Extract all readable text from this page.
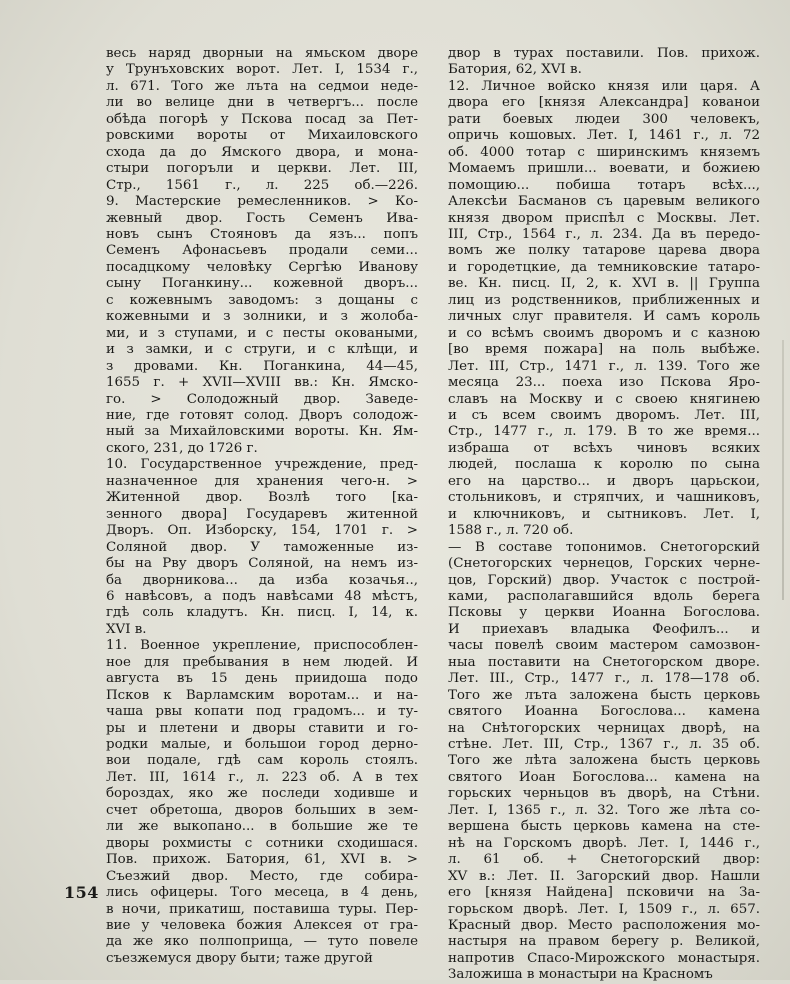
весь наряд дворныи на ямьском дворе
у Трунъховских ворот. Лет. I, 1534 г.,
л. 671. Того же лъта на седмои неде-
ли во велице дни в четвергъ... после
обѣда погорѣ у Пскова посад за Пет-
ровскими вороты от Михаиловского
схода да до Ямского двора, и мона-
стыри погоръли и церкви. Лет. III,
Стр., 1561 г., л. 225 об.—226.
9. Мастерские ремесленников. > Ко-
жевный двор. Гость Семенъ Ива-
новъ сынъ Стояновъ да язъ... попъ
Семенъ Афонасьевъ продали семи...
посадцкому человѣку Сергѣю Иванову
сыну Поганкину... кожевной дворъ...
с кожевнымъ заводомъ: з дощаны с
кожевными и з золники, и з жолоба-
ми, и з ступами, и с песты оковаными,
и з замки, и с струги, и с клѣщи, и
з дровами. Кн. Поганкина, 44—45,
1655 г. + XVII—XVIII вв.: Кн. Ямско-
го. > Солодожный двор. Заведе-
ние, где готовят солод. Дворъ солодож-
ный за Михайловскими вороты. Кн. Ям-
ского, 231, до 1726 г.
10. Государственное учреждение, пред-
назначенное для хранения чего-н. >
Житенной двор. Возлѣ того [ка-
зенного двора] Государевъ житенной
Дворъ. Оп. Изборску, 154, 1701 г. >
Соляной двор. У таможенные из-
бы на Рву дворъ Соляной, на немъ из-
ба дворникова... да изба козачья..,
6 навѣсовъ, а подъ навѣсами 48 мѣстъ,
гдѣ соль кладутъ. Кн. писц. I, 14, к.
XVI в.
11. Военное укрепление, приспособлен-
ное для пребывания в нем людей. И
августа въ 15 день приидоша подо
Псков к Варламским воротам... и на-
чаша рвы копати под градомъ... и ту-
ры и плетени и дворы ставити и го-
родки малые, и большои город дерно-
вои подале, гдѣ сам король стоялъ.
Лет. III, 1614 г., л. 223 об. А в тех
бороздах, яко же последи ходивше и
счет обретоша, дворов больших в зем-
ли же выкопано... в большие же те
дворы рохмисты с сотники сходишася.
Пов. прихож. Батория, 61, XVI в. >
Съезжий двор. Место, где собира-
лись офицеры. Того месеца, в 4 день,
в ночи, прикатиш, поставиша туры. Пер-
вие у человека божия Алексея от гра-
да же яко полпоприща, — туто повеле
съезжемуся двору быти; таже другой
двор в турах поставили. Пов. прихож.
Батория, 62, XVI в.
12. Личное войско князя или царя. А
двора его [князя Александра] кованои
рати боевых людеи 300 человекъ,
опричь кошовых. Лет. I, 1461 г., л. 72
об. 4000 тотар с ширинскимъ княземъ
Момаемъ пришли... воевати, и божиею
помощию... побиша тотаръ всѣх...,
Алексѣи Басманов съ царевым великого
князя двором приспѣл с Москвы. Лет.
III, Стр., 1564 г., л. 234. Да въ передо-
вомъ же полку татарове царева двора
и городетцкие, да темниковские татаро-
ве. Кн. писц. II, 2, к. XVI в. || Группа
лиц из родственников, приближенных и
личных слуг правителя. И самъ король
и со всѣмъ своимъ дворомъ и с казною
[во время пожара] на поль выбѣже.
Лет. III, Стр., 1471 г., л. 139. Того же
месяца 23... поеха изо Пскова Яро-
славъ на Москву и с своею княгинею
и съ всем своимъ дворомъ. Лет. III,
Стр., 1477 г., л. 179. В то же время...
избраша от всѣхъ чиновъ всяких
людей, послаша к королю по сына
его на царство... и дворъ царьскои,
стольниковъ, и стряпчих, и чашниковъ,
и ключниковъ, и сытниковъ. Лет. I,
1588 г., л. 720 об.
— В составе топонимов. Снетогорский
(Снетогорских чернецов, Горских черне-
цов, Горский) двор. Участок с построй-
ками, располагавшийся вдоль берега
Псковы у церкви Иоанна Богослова.
И приехавъ владыка Феофилъ... и
часы повелѣ своим мастером самозвон-
ныа поставити на Снетогорском дворе.
Лет. III., Стр., 1477 г., л. 178—178 об.
Того же лъта заложена бысть церковь
святого Иоанна Богослова... камена
на Снѣтогорских черницах дворѣ, на
стѣне. Лет. III, Стр., 1367 г., л. 35 об.
Того же лѣта заложена бысть церковь
святого Иоан Богослова... камена на
горьских черньцов въ дворѣ, на Стѣни.
Лет. I, 1365 г., л. 32. Того же лѣта со-
вершена бысть церковь камена на сте-
нѣ на Горскомъ дворѣ. Лет. I, 1446 г.,
л. 61 об. + Снетогорский двор:
XV в.: Лет. II. Загорский двор. Нашли
его [князя Найдена] псковичи на За-
горьском дворѣ. Лет. I, 1509 г., л. 657.
Красный двор. Место расположения мо-
настыря на правом берегу р. Великой,
напротив Спасо-Мирожского монастыря.
Заложиша в монастыри на Красномъ
154
